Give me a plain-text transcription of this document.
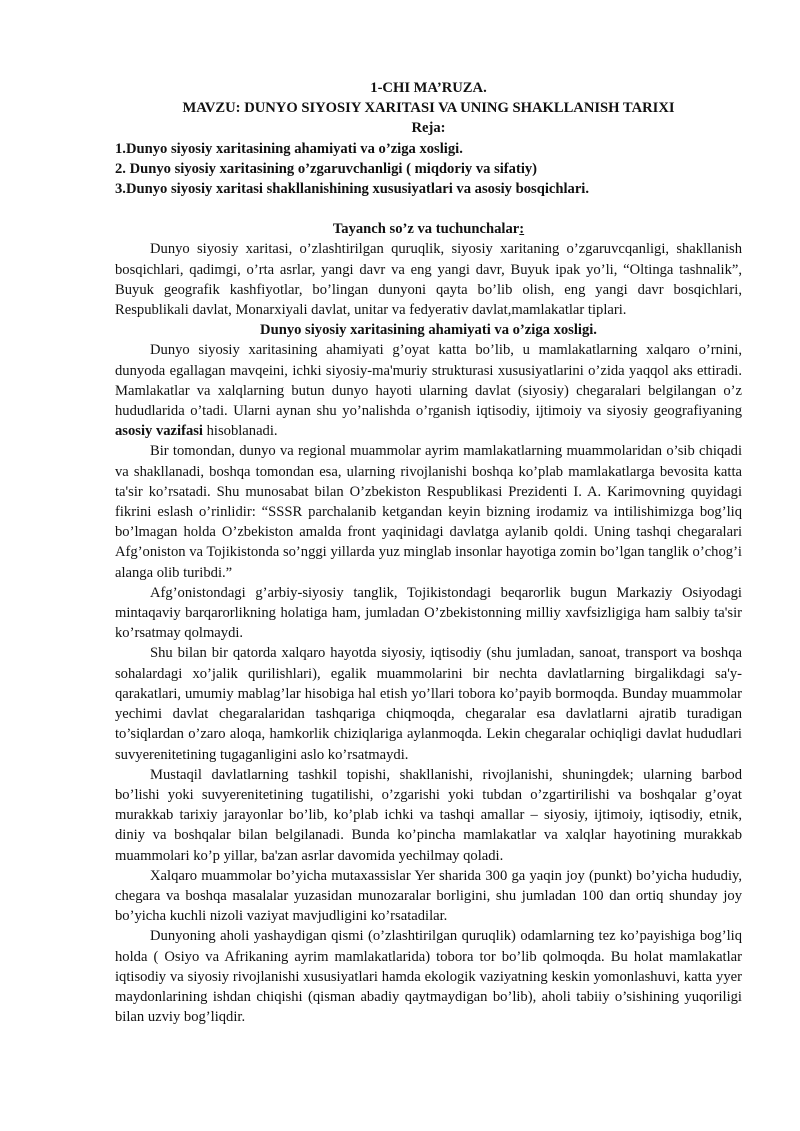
1-CHI MA’RUZA.
MAVZU: DUNYO SIYOSIY XARITASI VA UNING SHAKLLANISH TARIXI
Reja:
1.Dunyo siyosiy xaritasining ahamiyati va o’ziga xosligi.
2. Dunyo siyosiy xaritasining o’zgaruvchanligi ( miqdoriy va sifatiy)
3.Dunyo siyosiy xaritasi shakllanishining xususiyatlari va asosiy bosqichlari.
Tayanch so’z va tuchunchalar:

Dunyo siyosiy xaritasi, o’zlashtirilgan quruqlik, siyosiy xaritaning o’zgaruvcqanligi, shakllanish bosqichlari, qadimgi, o’rta asrlar, yangi davr va eng yangi davr, Buyuk ipak yo’li, “Oltinga tashnalik”, Buyuk geografik kashfiyotlar, bo’lingan dunyoni qayta bo’lib olish, eng yangi davr bosqichlari, Respublikali davlat, Monarxiyali davlat, unitar va fedyerativ davlat,mamlakatlar tiplari.

Dunyo siyosiy xaritasining ahamiyati va o’ziga xosligi.

Dunyo siyosiy xaritasining ahamiyati g’oyat katta bo’lib, u mamlakatlarning xalqaro o’rnini, dunyoda egallagan mavqeini, ichki siyosiy-ma'muriy strukturasi xususiyatlarini o’zida yaqqol aks ettiradi. Mamlakatlar va xalqlarning butun dunyo hayoti ularning davlat (siyosiy) chegaralari belgilangan o’z hududlarida o’tadi. Ularni aynan shu yo’nalishda o’rganish iqtisodiy, ijtimoiy va siyosiy geografiyaning asosiy vazifasi hisoblanadi.

Bir tomondan, dunyo va regional muammolar ayrim mamlakatlarning muammolaridan o’sib chiqadi va shakllanadi, boshqa tomondan esa, ularning rivojlanishi boshqa ko’plab mamlakatlarga bevosita katta ta'sir ko’rsatadi. Shu munosabat bilan O’zbekiston Respublikasi Prezidenti I. A. Karimovning quyidagi fikrini eslash o’rinlidir: “SSSR parchalanib ketgandan keyin bizning irodamiz va intilishimizga bog’liq bo’lmagan holda O’zbekiston amalda front yaqinidagi davlatga aylanib qoldi. Uning tashqi chegaralari Afg’oniston va Tojikistonda so’nggi yillarda yuz minglab insonlar hayotiga zomin bo’lgan tanglik o’chog’i alanga olib turibdi.”

Afg’onistondagi g’arbiy-siyosiy tanglik, Tojikistondagi beqarorlik bugun Markaziy Osiyodagi mintaqaviy barqarorlikning holatiga ham, jumladan O’zbekistonning milliy xavfsizligiga ham salbiy ta'sir ko’rsatmay qolmaydi.

Shu bilan bir qatorda xalqaro hayotda siyosiy, iqtisodiy (shu jumladan, sanoat, transport va boshqa sohalardagi xo’jalik qurilishlari), egalik muammolarini bir nechta davlatlarning birgalikdagi sa'y-qarakatlari, umumiy mablag’lar hisobiga hal etish yo’llari tobora ko’payib bormoqda. Bunday muammolar yechimi davlat chegaralaridan tashqariga chiqmoqda, chegaralar esa davlatlarni ajratib turadigan to’siqlardan o’zaro aloqa, hamkorlik chiziqlariga aylanmoqda. Lekin chegaralar ochiqligi davlat hududlari suvyerenitetining tugaganligini aslo ko’rsatmaydi.

Mustaqil davlatlarning tashkil topishi, shakllanishi, rivojlanishi, shuningdek; ularning barbod bo’lishi yoki suvyerenitetining tugatilishi, o’zgarishi yoki tubdan o’zgartirilishi va boshqalar g’oyat murakkab tarixiy jarayonlar bo’lib, ko’plab ichki va tashqi amallar – siyosiy, ijtimoiy, iqtisodiy, etnik, diniy va boshqalar bilan belgilanadi. Bunda ko’pincha mamlakatlar va xalqlar hayotining murakkab muammolari ko’p yillar, ba'zan asrlar davomida yechilmay qoladi.

Xalqaro muammolar bo’yicha mutaxassislar Yer sharida 300 ga yaqin joy (punkt) bo’yicha hududiy, chegara va boshqa masalalar yuzasidan munozaralar borligini, shu jumladan 100 dan ortiq shunday joy bo’yicha kuchli nizoli vaziyat mavjudligini ko’rsatadilar.

Dunyoning aholi yashaydigan qismi (o’zlashtirilgan quruqlik) odamlarning tez ko’payishiga bog’liq holda ( Osiyo va Afrikaning ayrim mamlakatlarida) tobora tor bo’lib qolmoqda. Bu holat mamlakatlar iqtisodiy va siyosiy rivojlanishi xususiyatlari hamda ekologik vaziyatning keskin yomonlashuvi, katta yyer maydonlarining ishdan chiqishi (qisman abadiy qaytmaydigan bo’lib), aholi tabiiy o’sishining yuqoriligi bilan uzviy bog’liqdir.
